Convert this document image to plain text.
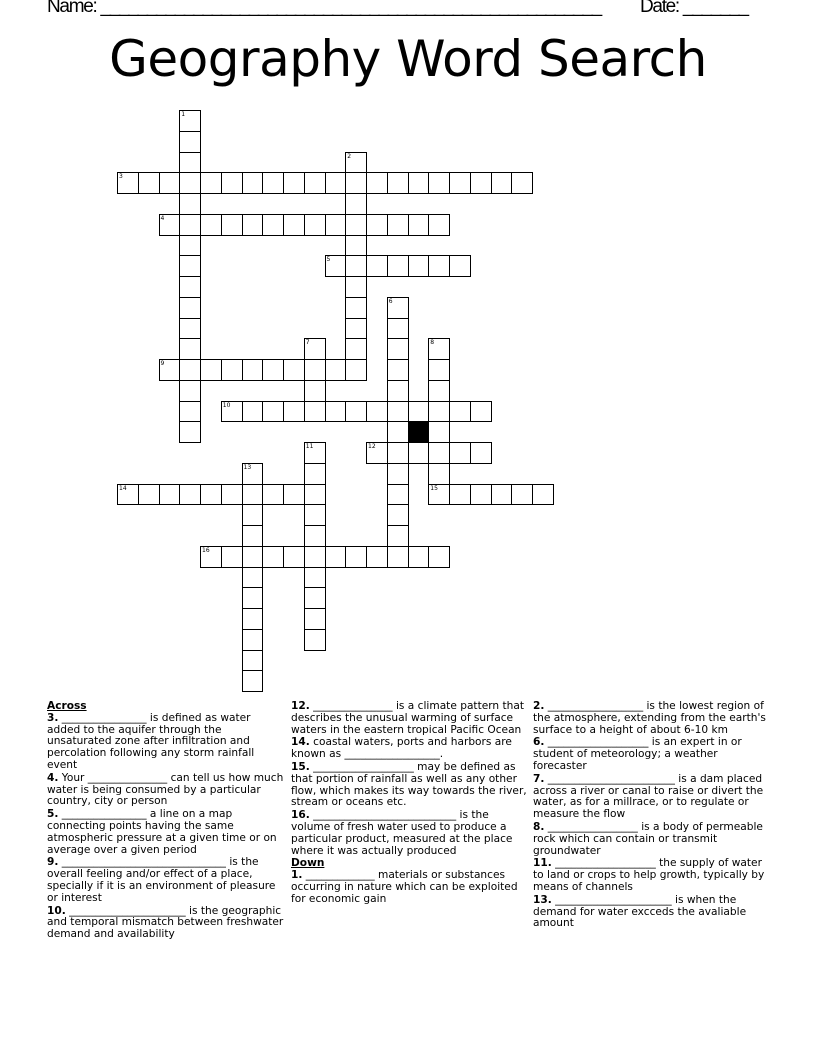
Name: ______________________________________________________	Date: _______
Geography Word Search
1
2
3
4
5
6
7	8
15
9
10
11	12
13
14
16
Across
3. ________________ is defined as water added to the aquifer through the unsaturated zone after infiltration and percolation following any storm rainfall event
4. Your _______________ can tell us how much water is being consumed by a particular country, city or person
5. ________________ a line on a map connecting points having the same atmospheric pressure at a given time or on average over a given period
9. _______________________________ is the overall feeling and/or effect of a place, specially if it is an environment of pleasure or interest
10. ______________________ is the geographic and temporal mismatch between freshwater demand and availability
12. _______________ is a climate pattern that describes the unusual warming of surface waters in the eastern tropical Pacific Ocean
14. coastal waters, ports and harbors are known as __________________.
15. ___________________ may be defined as that portion of rainfall as well as any other flow, which makes its way towards the river, stream or oceans etc.
16. ___________________________ is the volume of fresh water used to produce a particular product, measured at the place where it was actually produced
Down
1. _____________ materials or substances occurring in nature which can be exploited for economic gain
2. __________________ is the lowest region of the atmosphere, extending from the earth's surface to a height of about 6-10 km
6. ___________________ is an expert in or student of meteorology; a weather forecaster
7. ________________________ is a dam placed across a river or canal to raise or divert the water, as for a millrace, or to regulate or measure the flow
8. _________________ is a body of permeable rock which can contain or transmit groundwater
11. ___________________ the supply of water to land or crops to help growth, typically by means of channels
13. ______________________ is when the demand for water excceds the avaliable amount
